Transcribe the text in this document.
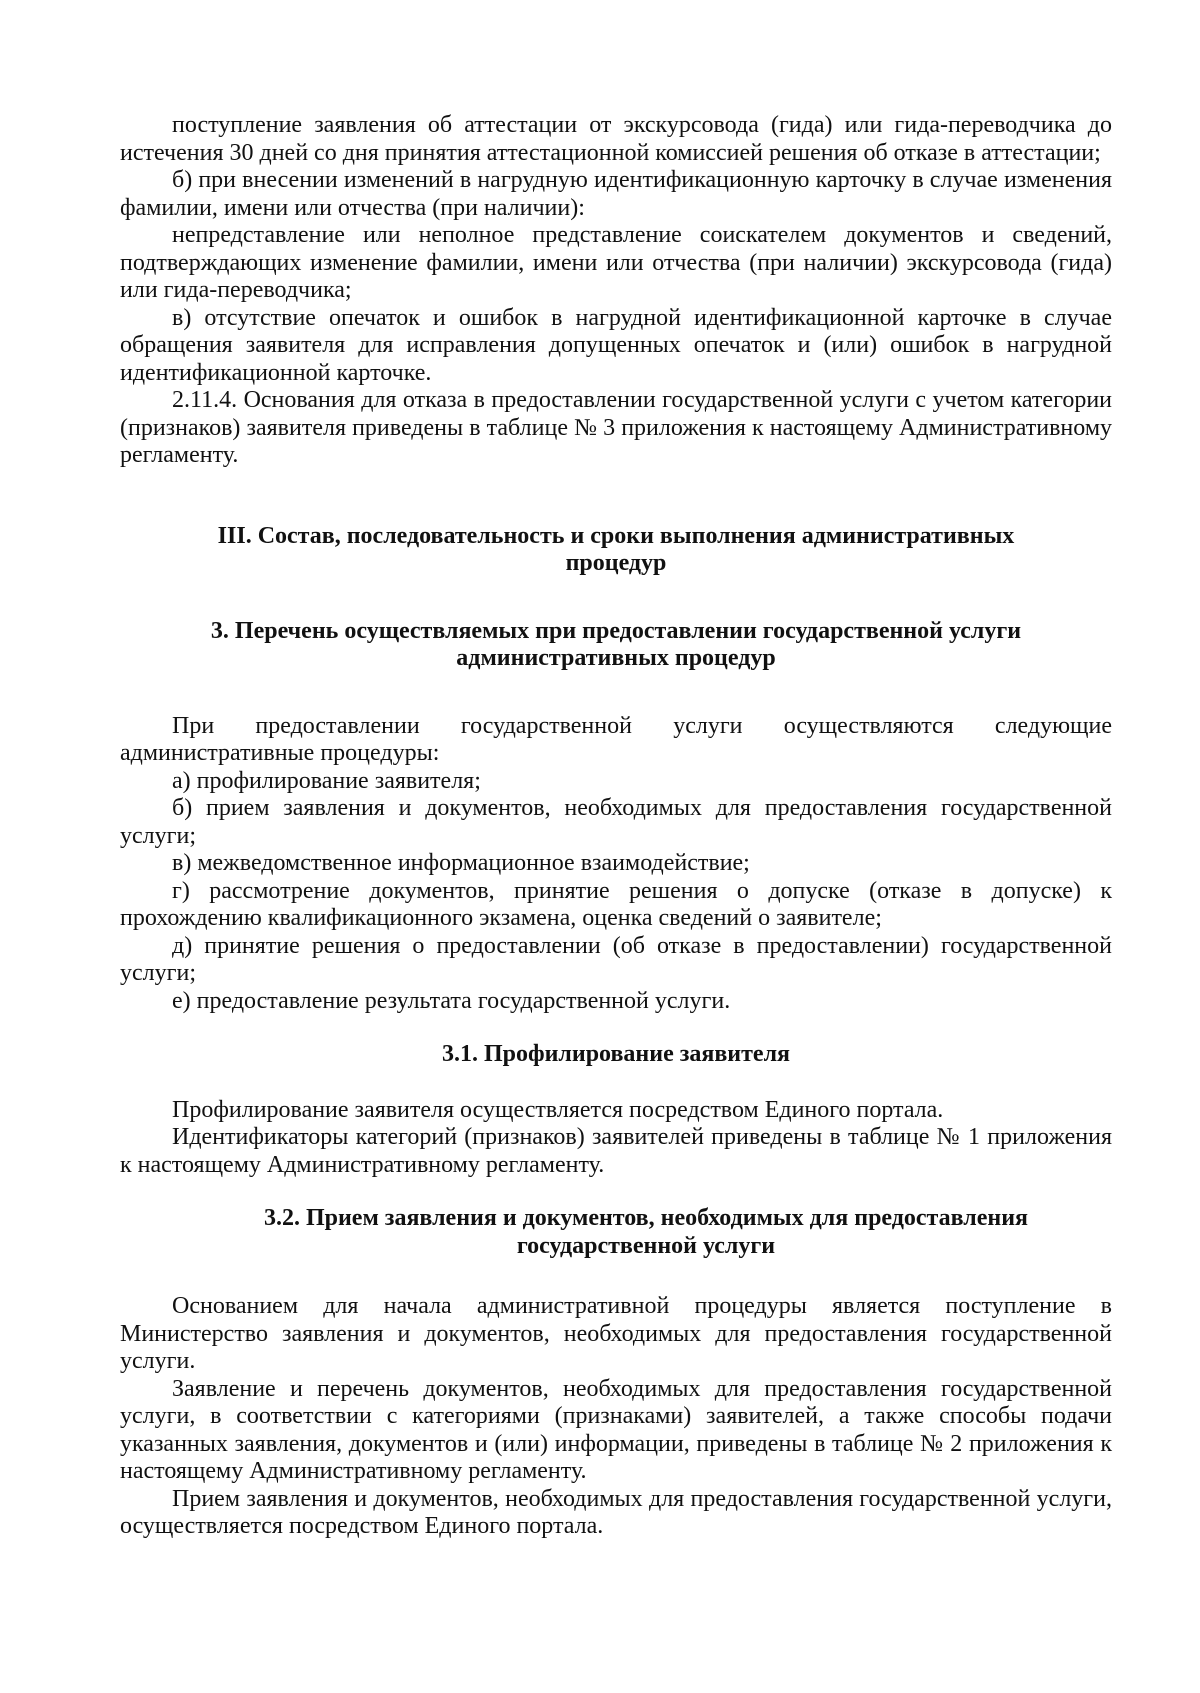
поступление заявления об аттестации от экскурсовода (гида) или гида-переводчика до истечения 30 дней со дня принятия аттестационной комиссией решения об отказе в аттестации;

б) при внесении изменений в нагрудную идентификационную карточку в случае изменения фамилии, имени или отчества (при наличии):

непредставление или неполное представление соискателем документов и сведений, подтверждающих изменение фамилии, имени или отчества (при наличии) экскурсовода (гида) или гида-переводчика;

в) отсутствие опечаток и ошибок в нагрудной идентификационной карточке в случае обращения заявителя для исправления допущенных опечаток и (или) ошибок в нагрудной идентификационной карточке.

2.11.4. Основания для отказа в предоставлении государственной услуги с учетом категории (признаков) заявителя приведены в таблице № 3 приложения к настоящему Административному регламенту.

III. Состав, последовательность и сроки выполнения административных
процедур
3. Перечень осуществляемых при предоставлении государственной услуги
административных процедур

При предоставлении государственной услуги осуществляются следующие административные процедуры:

а) профилирование заявителя;

б) прием заявления и документов, необходимых для предоставления государственной услуги;

в) межведомственное информационное взаимодействие;

г) рассмотрение документов, принятие решения о допуске (отказе в допуске) к прохождению квалификационного экзамена, оценка сведений о заявителе;

д) принятие решения о предоставлении (об отказе в предоставлении) государственной услуги;

е) предоставление результата государственной услуги.

3.1. Профилирование заявителя

Профилирование заявителя осуществляется посредством Единого портала.

Идентификаторы категорий (признаков) заявителей приведены в таблице № 1 приложения к настоящему Административному регламенту.

3.2. Прием заявления и документов, необходимых для предоставления
государственной услуги

Основанием для начала административной процедуры является поступление в Министерство заявления и документов, необходимых для предоставления государственной услуги.

Заявление и перечень документов, необходимых для предоставления государственной услуги, в соответствии с категориями (признаками) заявителей, а также способы подачи указанных заявления, документов и (или) информации, приведены в таблице № 2 приложения к настоящему Административному регламенту.

Прием заявления и документов, необходимых для предоставления государственной услуги, осуществляется посредством Единого портала.
